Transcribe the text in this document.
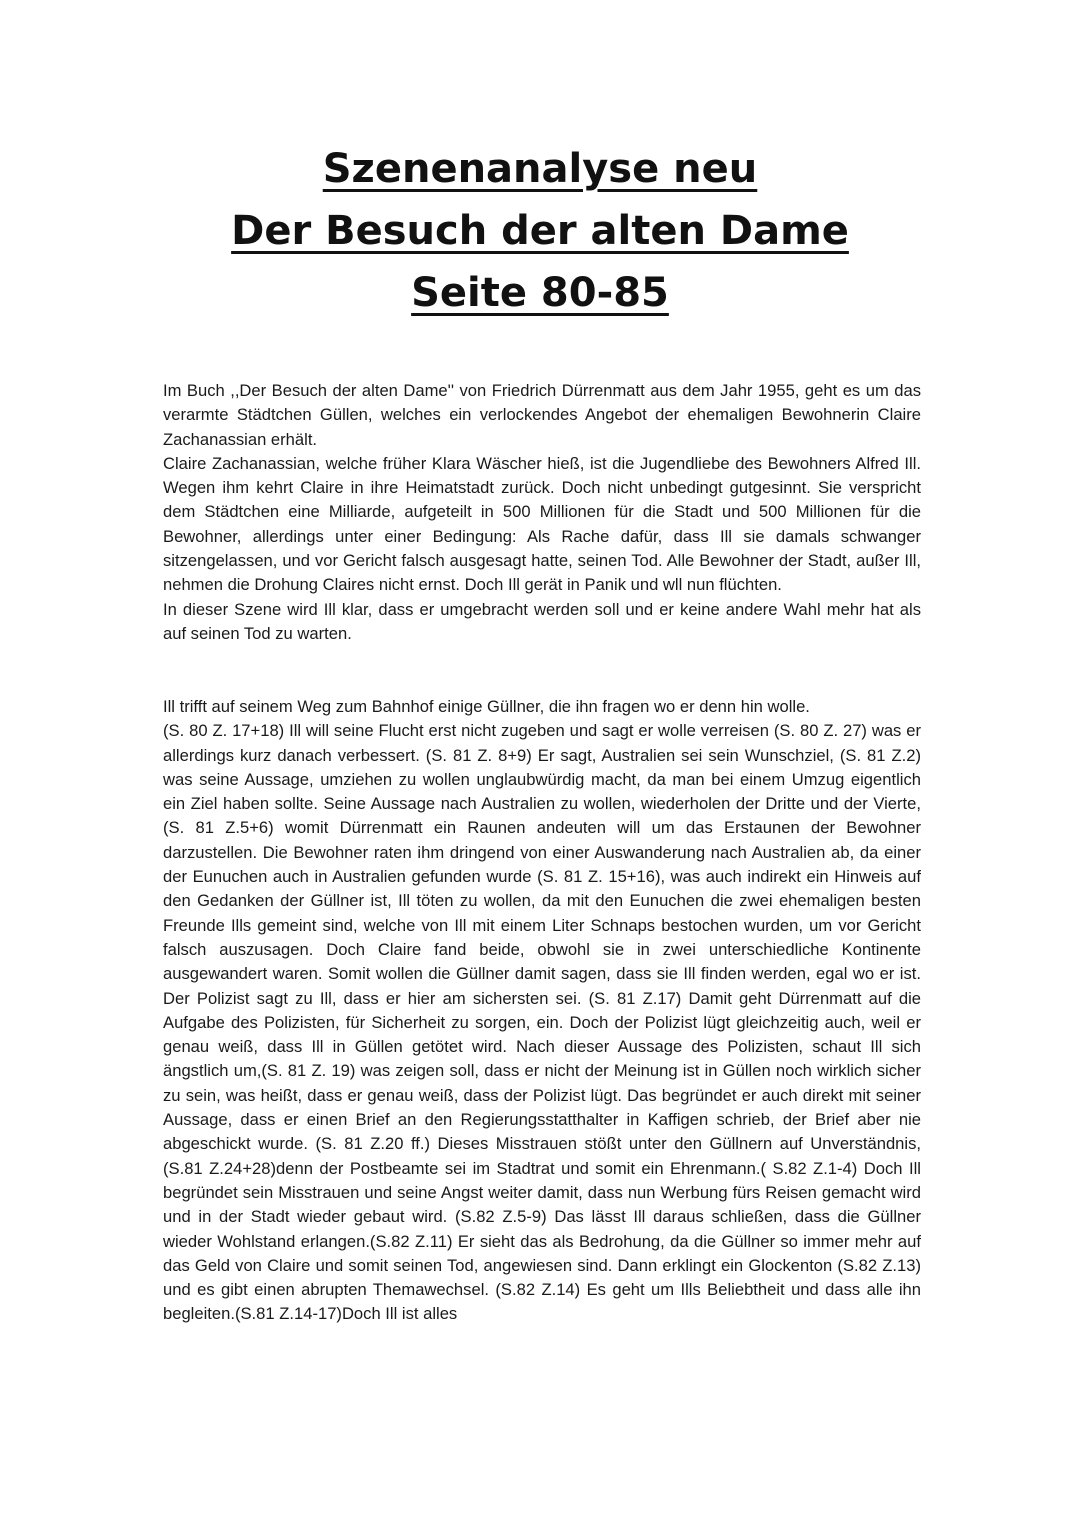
Szenenanalyse neu
Der Besuch der alten Dame
Seite 80-85

Im Buch ,,Der Besuch der alten Dame'' von Friedrich Dürrenmatt aus dem Jahr 1955, geht es um das verarmte Städtchen Güllen, welches ein verlockendes Angebot der ehemaligen Bewohnerin Claire Zachanassian erhält.

Claire Zachanassian, welche früher Klara Wäscher hieß, ist die Jugendliebe des Bewohners Alfred Ill. Wegen ihm kehrt Claire in ihre Heimatstadt zurück. Doch nicht unbedingt gutgesinnt. Sie verspricht dem Städtchen eine Milliarde, aufgeteilt in 500 Millionen für die Stadt und 500 Millionen für die Bewohner, allerdings unter einer Bedingung: Als Rache dafür, dass Ill sie damals schwanger sitzengelassen, und vor Gericht falsch ausgesagt hatte, seinen Tod. Alle Bewohner der Stadt, außer Ill, nehmen die Drohung Claires nicht ernst. Doch Ill gerät in Panik und wll nun flüchten.

In dieser Szene wird Ill klar, dass er umgebracht werden soll und er keine andere Wahl mehr hat als auf seinen Tod zu warten.

Ill trifft auf seinem Weg zum Bahnhof einige Güllner, die ihn fragen wo er denn hin wolle.

(S. 80 Z. 17+18) Ill will seine Flucht erst nicht zugeben und sagt er wolle verreisen (S. 80 Z. 27) was er allerdings kurz danach verbessert. (S. 81 Z. 8+9) Er sagt, Australien sei sein Wunschziel, (S. 81 Z.2) was seine Aussage, umziehen zu wollen unglaubwürdig macht, da man bei einem Umzug eigentlich ein Ziel haben sollte. Seine Aussage nach Australien zu wollen, wiederholen der Dritte und der Vierte,(S. 81 Z.5+6) womit Dürrenmatt ein Raunen andeuten will um das Erstaunen der Bewohner darzustellen. Die Bewohner raten ihm dringend von einer Auswanderung nach Australien ab, da einer der Eunuchen auch in Australien gefunden wurde (S. 81 Z. 15+16), was auch indirekt ein Hinweis auf den Gedanken der Güllner ist, Ill töten zu wollen, da mit den Eunuchen die zwei ehemaligen besten Freunde Ills gemeint sind, welche von Ill mit einem Liter Schnaps bestochen wurden, um vor Gericht falsch auszusagen. Doch Claire fand beide, obwohl sie in zwei unterschiedliche Kontinente ausgewandert waren. Somit wollen die Güllner damit sagen, dass sie Ill finden werden, egal wo er ist. Der Polizist sagt zu Ill, dass er hier am sichersten sei. (S. 81 Z.17) Damit geht Dürrenmatt auf die Aufgabe des Polizisten, für Sicherheit zu sorgen, ein. Doch der Polizist lügt gleichzeitig auch, weil er genau weiß, dass Ill in Güllen getötet wird. Nach dieser Aussage des Polizisten, schaut Ill sich ängstlich um,(S. 81 Z. 19) was zeigen soll, dass er nicht der Meinung ist in Güllen noch wirklich sicher zu sein, was heißt, dass er genau weiß, dass der Polizist lügt. Das begründet er auch direkt mit seiner Aussage, dass er einen Brief an den Regierungsstatthalter in Kaffigen schrieb, der Brief aber nie abgeschickt wurde. (S. 81 Z.20 ff.) Dieses Misstrauen stößt unter den Güllnern auf Unverständnis,(S.81 Z.24+28)denn der Postbeamte sei im Stadtrat und somit ein Ehrenmann.( S.82 Z.1-4) Doch Ill begründet sein Misstrauen und seine Angst weiter damit, dass nun Werbung fürs Reisen gemacht wird und in der Stadt wieder gebaut wird. (S.82 Z.5-9) Das lässt Ill daraus schließen, dass die Güllner wieder Wohlstand erlangen.(S.82 Z.11) Er sieht das als Bedrohung, da die Güllner so immer mehr auf das Geld von Claire und somit seinen Tod, angewiesen sind. Dann erklingt ein Glockenton (S.82 Z.13) und es gibt einen abrupten Themawechsel. (S.82 Z.14) Es geht um Ills Beliebtheit und dass alle ihn begleiten.(S.81 Z.14-17)Doch Ill ist alles
